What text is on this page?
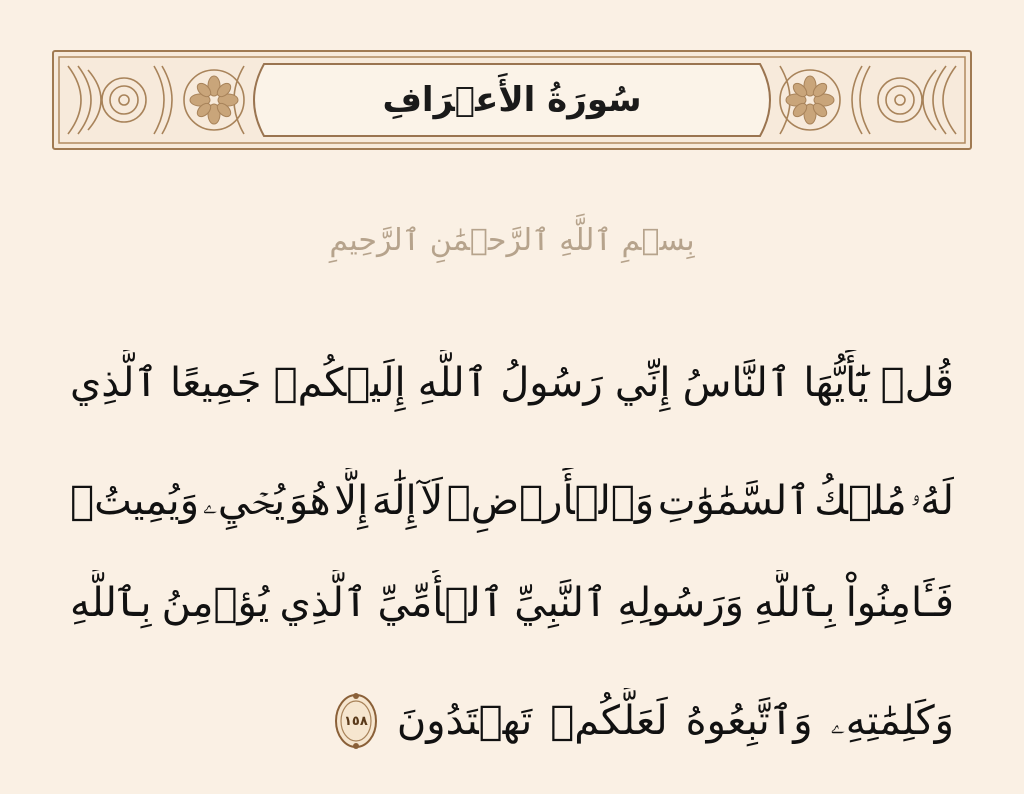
سُورَةُ الأَعۡرَافِ
بِسۡمِ ٱللَّهِ ٱلرَّحۡمَٰنِ ٱلرَّحِيمِ
قُلۡ
يَٰٓأَيُّهَا
ٱلنَّاسُ
إِنِّي
رَسُولُ
ٱللَّهِ
إِلَيۡكُمۡ
جَمِيعًا
ٱلَّذِي
لَهُۥ
مُلۡكُ
ٱلسَّمَٰوَٰتِ
وَٱلۡأَرۡضِۖ
لَآ
إِلَٰهَ
إِلَّا
هُوَ
يُحۡيِۦ
وَيُمِيتُۖ
فَـَٔامِنُواْ
بِٱللَّهِ
وَرَسُولِهِ
ٱلنَّبِيِّ
ٱلۡأُمِّيِّ
ٱلَّذِي
يُؤۡمِنُ
بِٱللَّهِ
وَكَلِمَٰتِهِۦ
وَٱتَّبِعُوهُ
لَعَلَّكُمۡ
تَهۡتَدُونَ
١٥٨
